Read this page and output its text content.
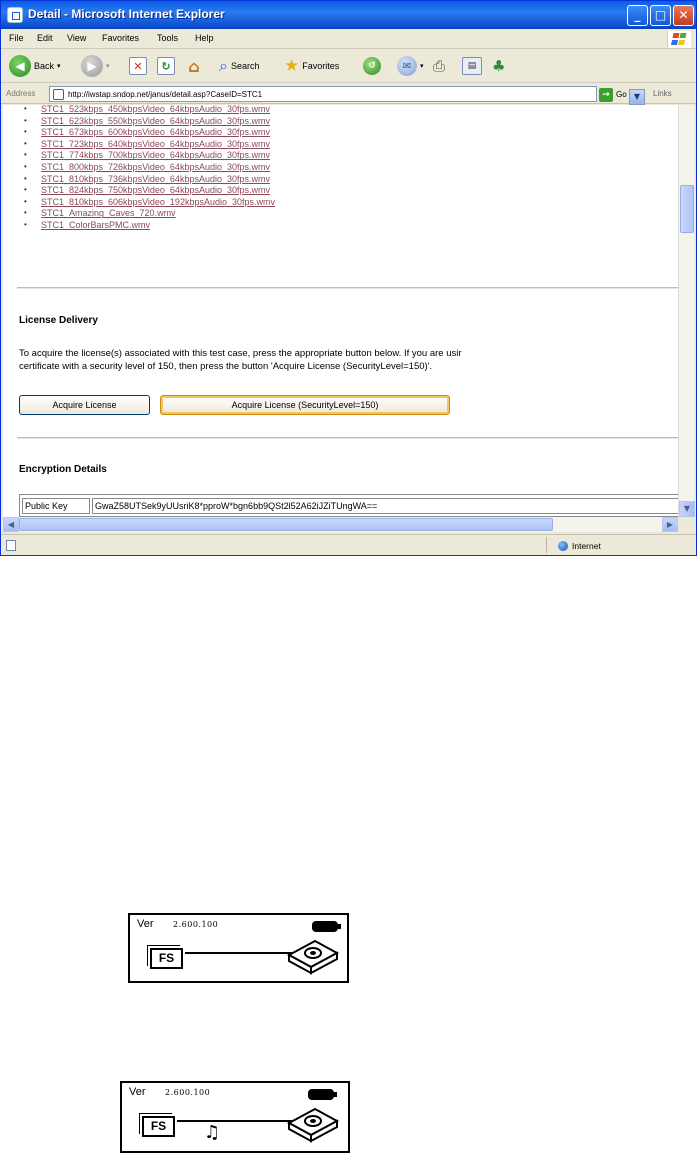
Detail - Microsoft Internet Explorer	_	□	✕
File Edit View Favorites Tools Help
◀	Back ▾	▶	▾	✕	↻ ⌂ ⌕ Search ★ Favorites	↺	✉	▾ ⎙	▤	♣
Address	http://iwstap.sndop.net/janus/detail.asp?CaseID=STC1	▼
→ Go	Links
• STC1_523kbps_450kbpsVideo_64kbpsAudio_30fps.wmv
• STC1_623kbps_550kbpsVideo_64kbpsAudio_30fps.wmv
• STC1_673kbps_600kbpsVideo_64kbpsAudio_30fps.wmv
• STC1_723kbps_640kbpsVideo_64kbpsAudio_30fps.wmv
• STC1_774kbps_700kbpsVideo_64kbpsAudio_30fps.wmv
• STC1_800kbps_726kbpsVideo_64kbpsAudio_30fps.wmv
• STC1_810kbps_736kbpsVideo_64kbpsAudio_30fps.wmv
• STC1_824kbps_750kbpsVideo_64kbpsAudio_30fps.wmv
• STC1_810kbps_606kbpsVideo_192kbpsAudio_30fps.wmv
• STC1_Amazing_Caves_720.wmv
• STC1_ColorBarsPMC.wmv
License Delivery
To acquire the license(s) associated with this test case, press the appropriate button below. If you are usir
certificate with a security level of 150, then press the button 'Acquire License (SecurityLevel=150)'.
Acquire License	Acquire License (SecurityLevel=150)
Encryption Details
Public Key	GwaZ58UTSek9yUUsriK8*pproW*bgn6bb9QSt2l52A62iJZiTUngWA==	▼
◀	▶
Internet
Ver 2.600.100
FS
Ver 2.600.100
FS	♫
